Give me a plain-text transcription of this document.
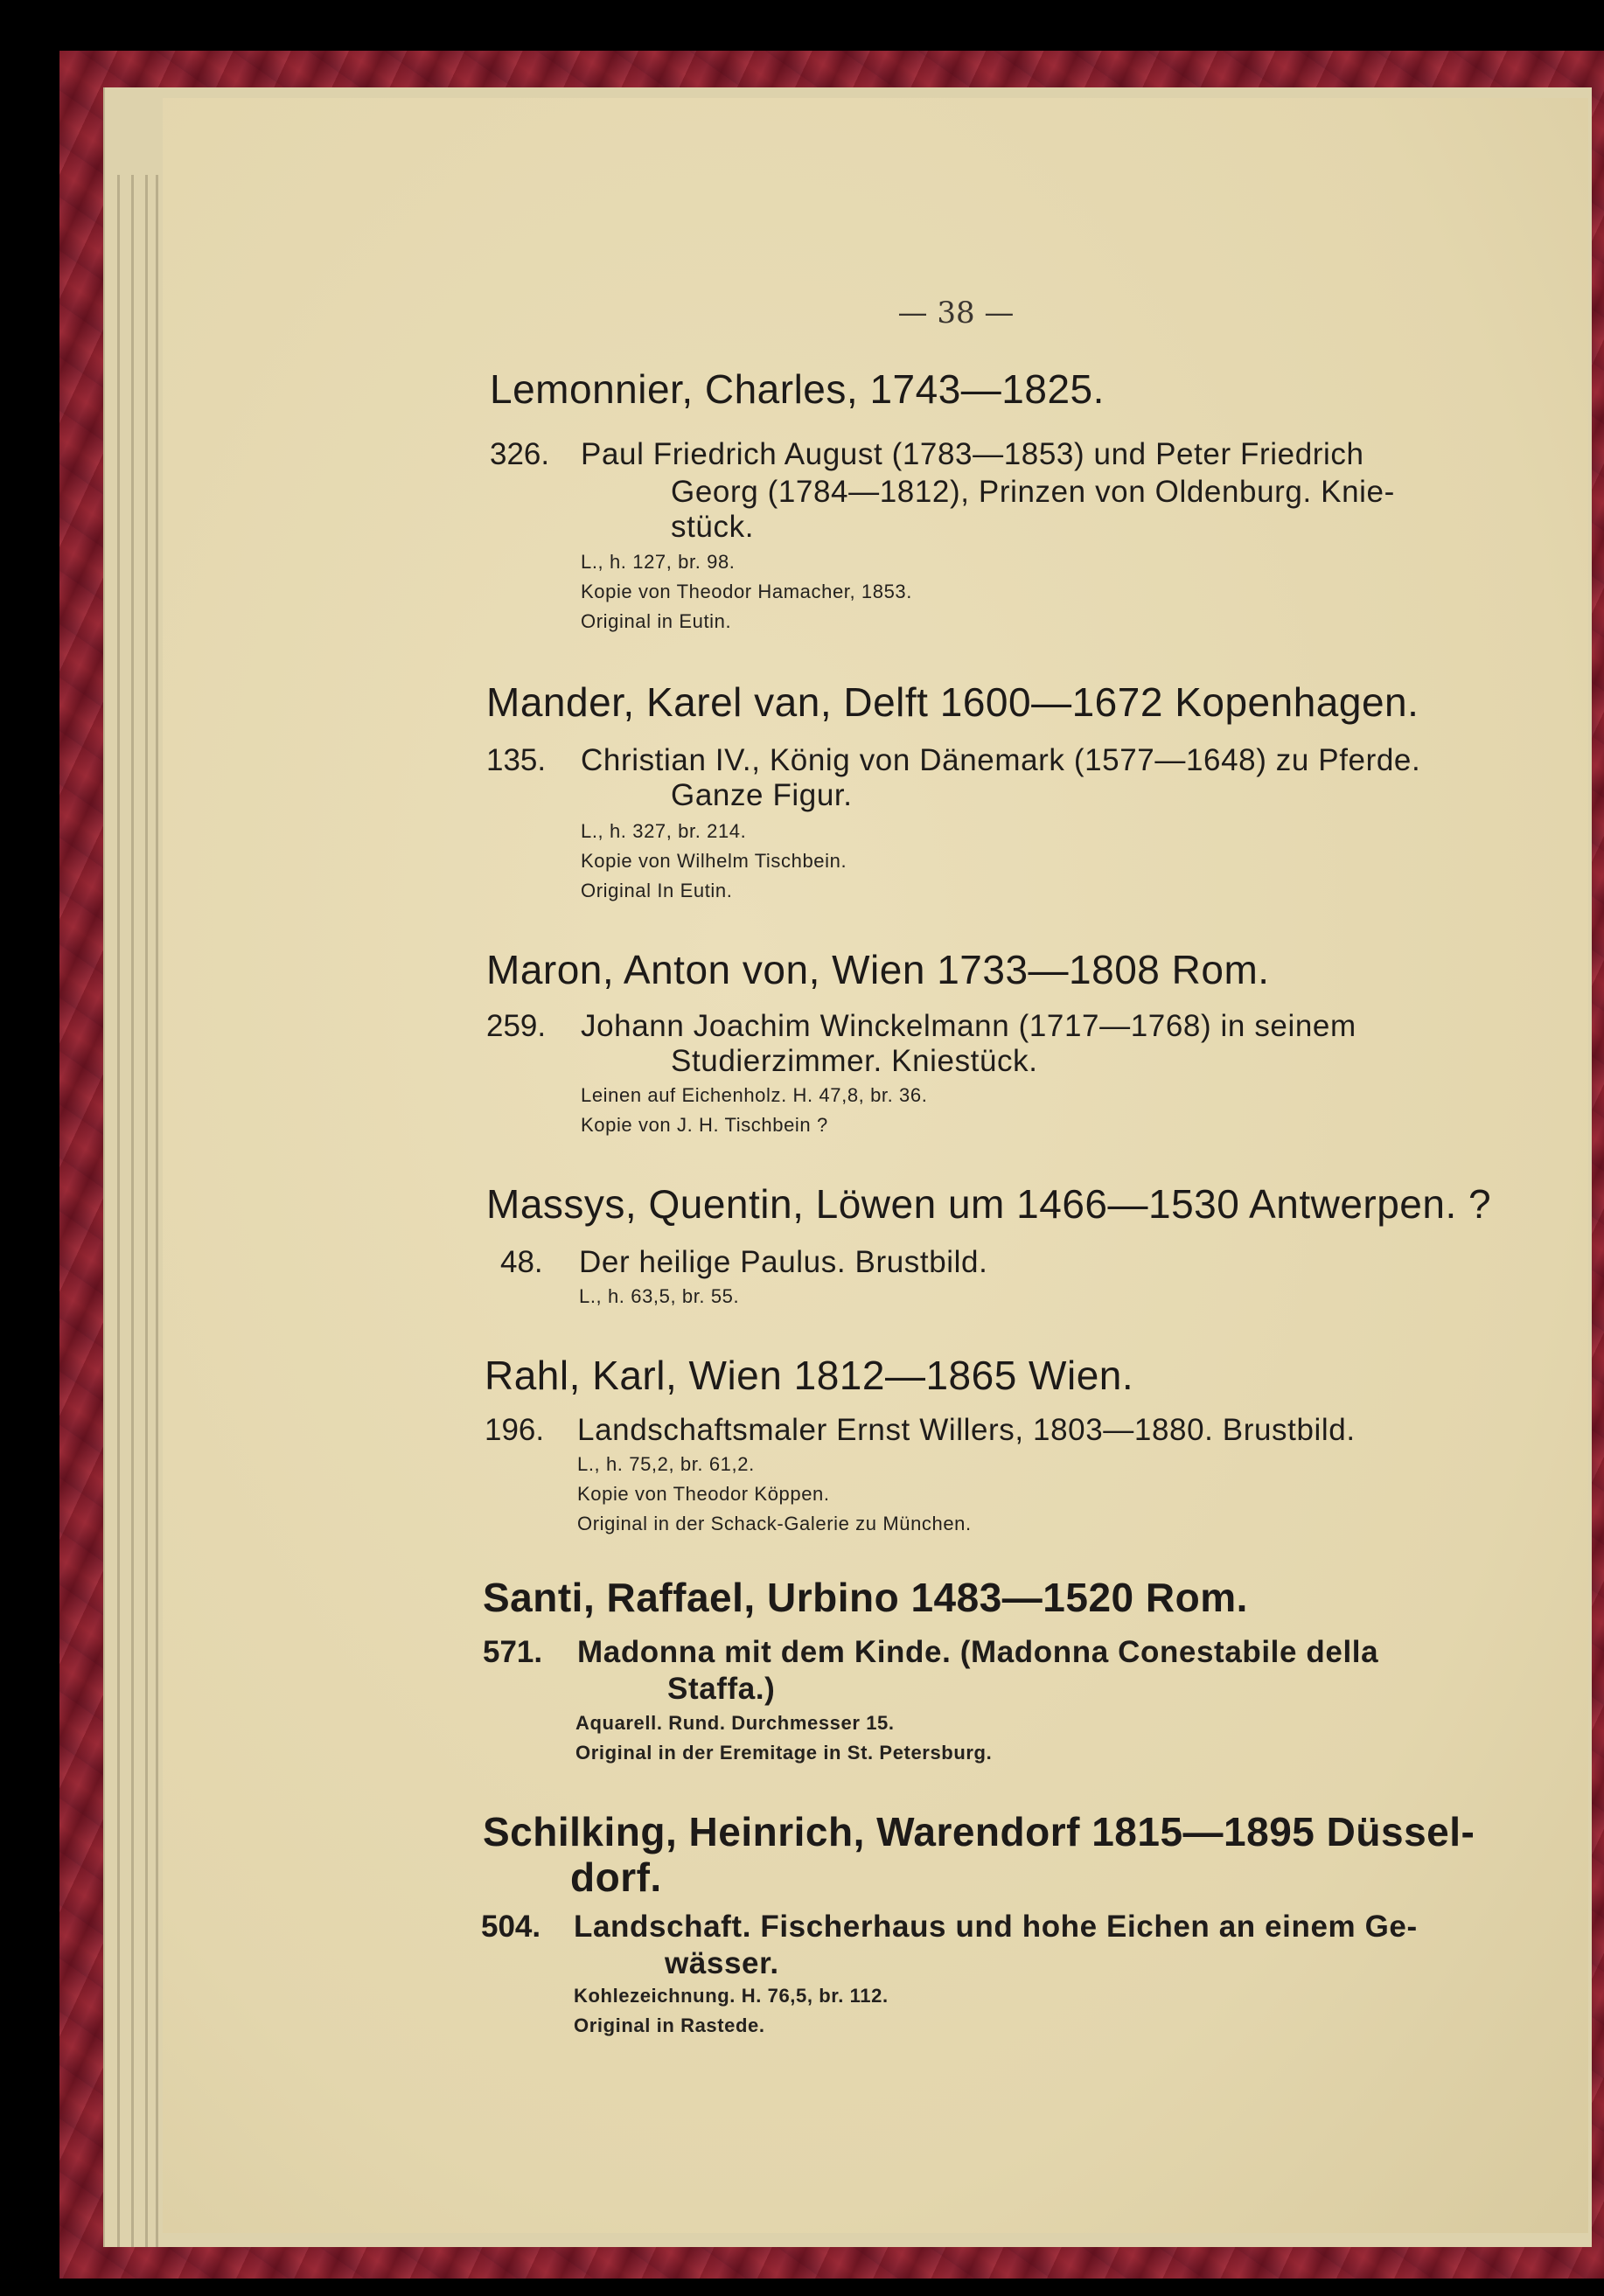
— 38 —
Lemonnier, Charles, 1743—1825.
326. Paul Friedrich August (1783—1853) und Peter Friedrich
Georg (1784—1812), Prinzen von Oldenburg. Knie-
stück.
L., h. 127, br. 98.
Kopie von Theodor Hamacher, 1853.
Original in Eutin.
Mander, Karel van, Delft 1600—1672 Kopenhagen.
135. Christian IV., König von Dänemark (1577—1648) zu Pferde.
Ganze Figur.
L., h. 327, br. 214.
Kopie von Wilhelm Tischbein.
Original In Eutin.
Maron, Anton von, Wien 1733—1808 Rom.
259. Johann Joachim Winckelmann (1717—1768) in seinem
Studierzimmer. Kniestück.
Leinen auf Eichenholz. H. 47,8, br. 36.
Kopie von J. H. Tischbein ?
Massys, Quentin, Löwen um 1466—1530 Antwerpen. ?
48. Der heilige Paulus. Brustbild.
L., h. 63,5, br. 55.
Rahl, Karl, Wien 1812—1865 Wien.
196. Landschaftsmaler Ernst Willers, 1803—1880. Brustbild.
L., h. 75,2, br. 61,2.
Kopie von Theodor Köppen.
Original in der Schack-Galerie zu München.
Santi, Raffael, Urbino 1483—1520 Rom.
571. Madonna mit dem Kinde. (Madonna Conestabile della
Staffa.)
Aquarell. Rund. Durchmesser 15.
Original in der Eremitage in St. Petersburg.
Schilking, Heinrich, Warendorf 1815—1895 Düssel-
dorf.
504. Landschaft. Fischerhaus und hohe Eichen an einem Ge-
wässer.
Kohlezeichnung. H. 76,5, br. 112.
Original in Rastede.
